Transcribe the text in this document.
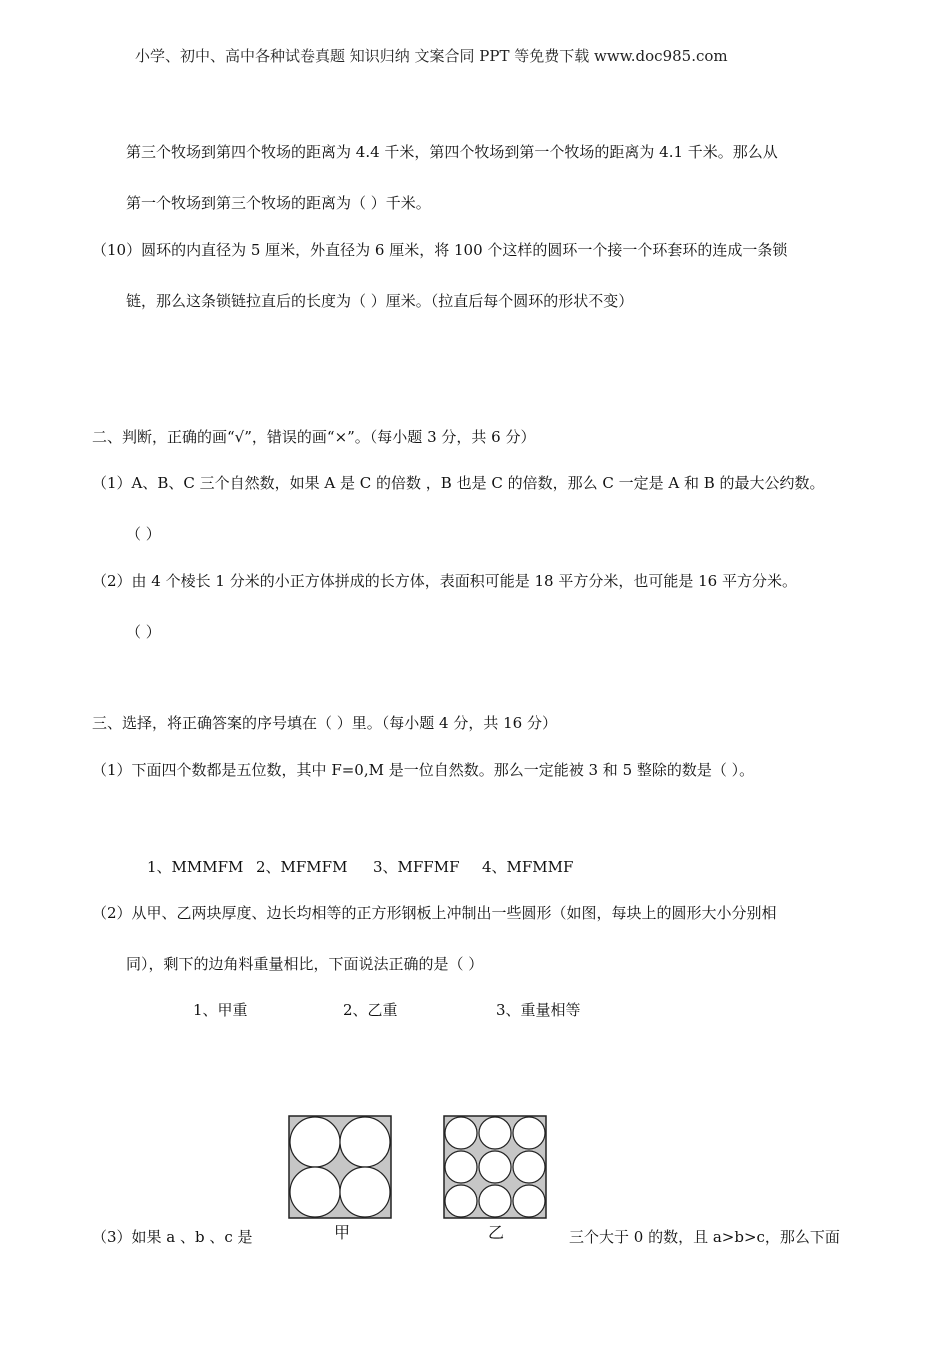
小学、初中、高中各种试卷真题 知识归纳 文案合同 PPT 等免费下载 www.doc985.com
第三个牧场到第四个牧场的距离为 4.4 千米，第四个牧场到第一个牧场的距离为 4.1 千米。那么从
第一个牧场到第三个牧场的距离为（ ）千米。
（10）圆环的内直径为 5 厘米，外直径为 6 厘米，将 100 个这样的圆环一个接一个环套环的连成一条锁
链，那么这条锁链拉直后的长度为（ ）厘米。（拉直后每个圆环的形状不变）
二、判断，正确的画“√”，错误的画“×”。（每小题 3 分，共 6 分）
（1）A、B、C 三个自然数，如果 A 是 C 的倍数 ，B 也是 C 的倍数，那么 C 一定是 A 和 B 的最大公约数。
（ ）
（2）由 4 个棱长 1 分米的小正方体拼成的长方体，表面积可能是 18 平方分米，也可能是 16 平方分米。
（ ）
三、选择，将正确答案的序号填在（ ）里。（每小题 4 分，共 16 分）
（1）下面四个数都是五位数，其中 F=0,M 是一位自然数。那么一定能被 3 和 5 整除的数是（ ）。
1、MMMFM 2、MFMFM 3、MFFMF 4、MFMMF
（2）从甲、乙两块厚度、边长均相等的正方形钢板上冲制出一些圆形（如图，每块上的圆形大小分别相
同），剩下的边角料重量相比，下面说法正确的是（ ）
1、甲重	2、乙重	3、重量相等
甲	乙
（3）如果 a 、b 、c 是	三个大于 0 的数，且 a>b>c，那么下面
